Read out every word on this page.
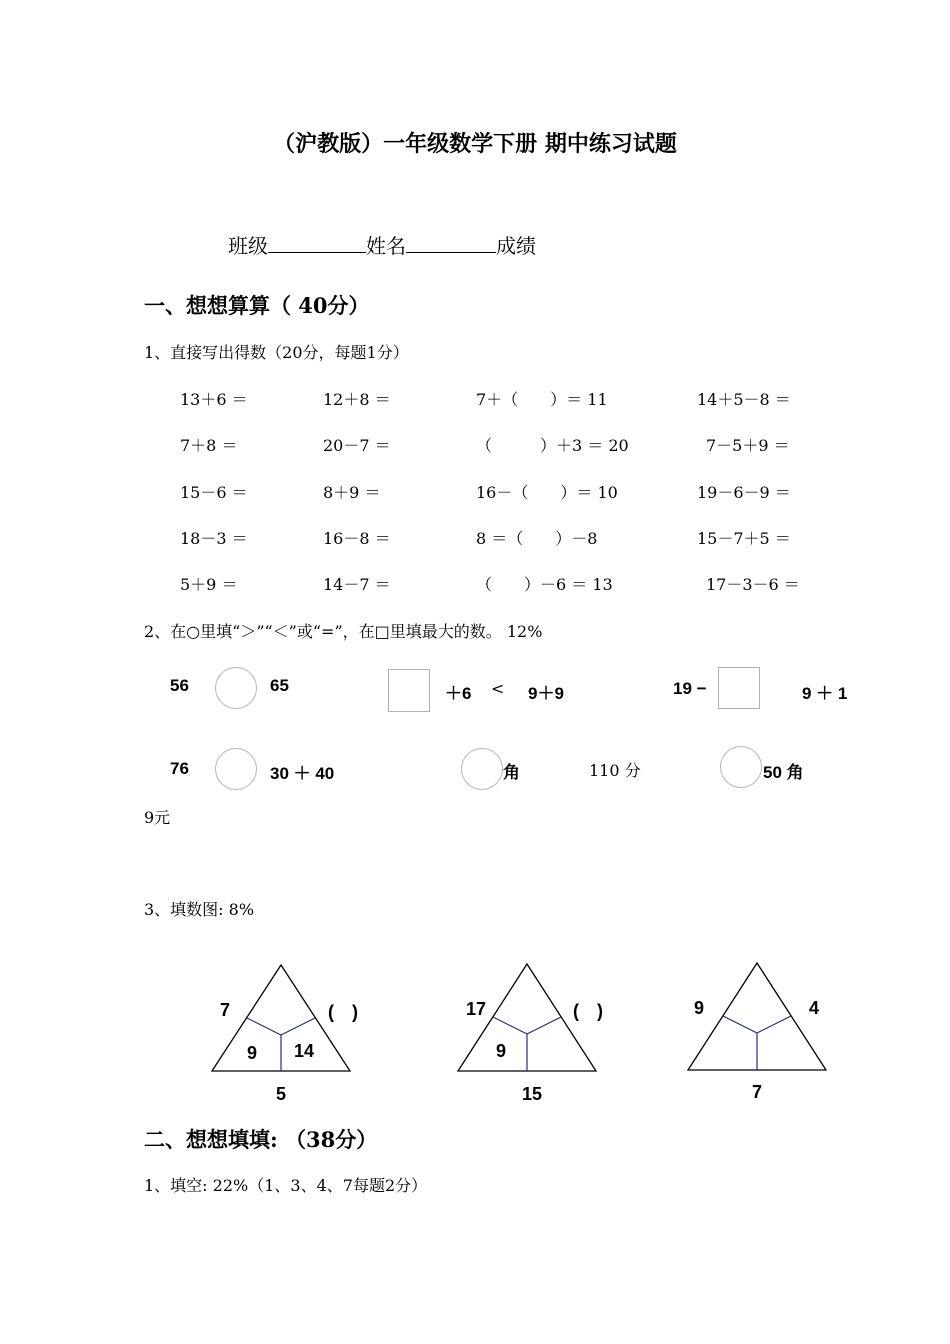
（沪教版）一年级数学下册 期中练习试题
班级	姓名	成绩
一、想想算算（ 40分）
1、直接写出得数（20分，每题1分）
13＋6 ＝	12＋8 ＝	7＋（　　）＝ 11	14＋5－8 ＝
7＋8 ＝	20－7 ＝	（　　　）＋3 ＝ 20	7－5＋9 ＝
15－6 ＝	8＋9 ＝	16－（　　）＝ 10	19－6－9 ＝
18－3 ＝	16－8 ＝	8 ＝（　　）－8	15－7＋5 ＝
5＋9 ＝	14－7 ＝	（　　）－6 ＝ 13	17－3－6 ＝
2、在○里填“＞”“＜”或“=”，在□里填最大的数。 12%
56	65	＋6 < 9＋9	19 −	9 ＋ 1
76	30 ＋ 40	角	110 分	50 角
9元
3、填数图: 8%
7	(　)
5
9 14
17	(　)
15
9
9	4
7
二、想想填填: （38分）
1、填空: 22%（1、3、4、7每题2分）
